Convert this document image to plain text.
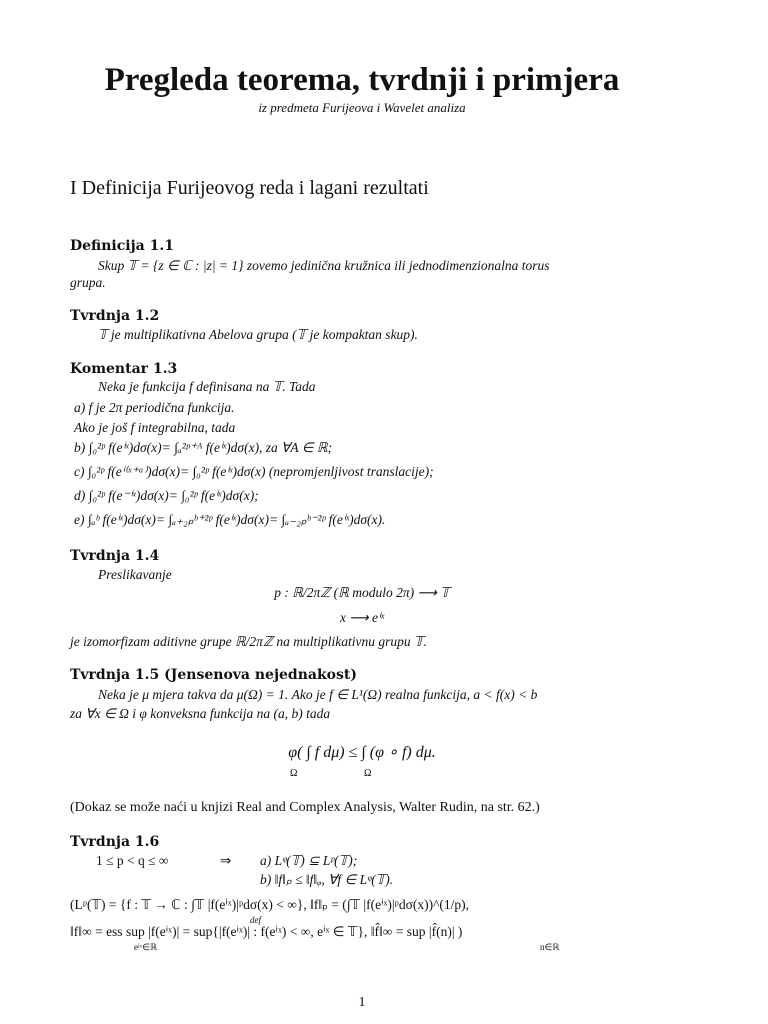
Pregleda teorema, tvrdnji i primjera
iz predmeta Furijeova i Wavelet analiza
I Definicija Furijeovog reda i lagani rezultati
Definicija 1.1
Skup 𝕋 = {z ∈ ℂ : |z| = 1} zovemo jedinična kružnica ili jednodimenzionalna torus
grupa.
Tvrdnja 1.2
𝕋 je multiplikativna Abelova grupa (𝕋 je kompaktan skup).
Komentar 1.3
Neka je funkcija f definisana na 𝕋. Tada
a) f je 2π periodična funkcija.
Ako je još f integrabilna, tada
b) ∫₀²ᵖ f(eⁱˣ)dσ(x)= ∫ₐ²ᵖ⁺ᴬ f(eⁱˣ)dσ(x), za ∀A ∈ ℝ;
c) ∫₀²ᵖ f(eⁱ⁽ˣ⁺ᵃ⁾)dσ(x)= ∫₀²ᵖ f(eⁱˣ)dσ(x) (nepromjenljivost translacije);
d) ∫₀²ᵖ f(e⁻ⁱˣ)dσ(x)= ∫₀²ᵖ f(eⁱˣ)dσ(x);
e) ∫ₐᵇ f(eⁱˣ)dσ(x)= ∫ₐ₊₂ₚᵇ⁺²ᵖ f(eⁱˣ)dσ(x)= ∫ₐ₋₂ₚᵇ⁻²ᵖ f(eⁱˣ)dσ(x).
Tvrdnja 1.4
Preslikavanje
p : ℝ/2πℤ (ℝ modulo 2π) ⟶ 𝕋
x ⟶ eⁱˣ
je izomorfizam aditivne grupe ℝ/2πℤ na multiplikativnu grupu 𝕋.
Tvrdnja 1.5 (Jensenova nejednakost)
Neka je μ mjera takva da μ(Ω) = 1. Ako je f ∈ L¹(Ω) realna funkcija, a < f(x) < b
za ∀x ∈ Ω i φ konveksna funkcija na (a, b) tada
φ( ∫ f dμ) ≤ ∫ (φ ∘ f) dμ.
Ω	Ω
(Dokaz se može naći u knjizi Real and Complex Analysis, Walter Rudin, na str. 62.)
Tvrdnja 1.6
1 ≤ p < q ≤ ∞	⇒ a) Lᵠ(𝕋) ⊆ Lᵖ(𝕋);
b) ‖f‖ₚ ≤ ‖f‖ᵩ, ∀f ∈ Lᵠ(𝕋).
(Lᵖ(𝕋) = {f : 𝕋 → ℂ : ∫𝕋 |f(eⁱˣ)|ᵖdσ(x) < ∞}, ‖f‖ₚ = (∫𝕋 |f(eⁱˣ)|ᵖdσ(x))^(1/p),
def
‖f‖∞ = ess sup |f(eⁱˣ)| = sup{|f(eⁱˣ)| : f(eⁱˣ) < ∞, eⁱˣ ∈ 𝕋}, ‖f̂‖∞ = sup |f̂(n)| )
eⁱˣ∈ℝ	n∈ℝ
1
